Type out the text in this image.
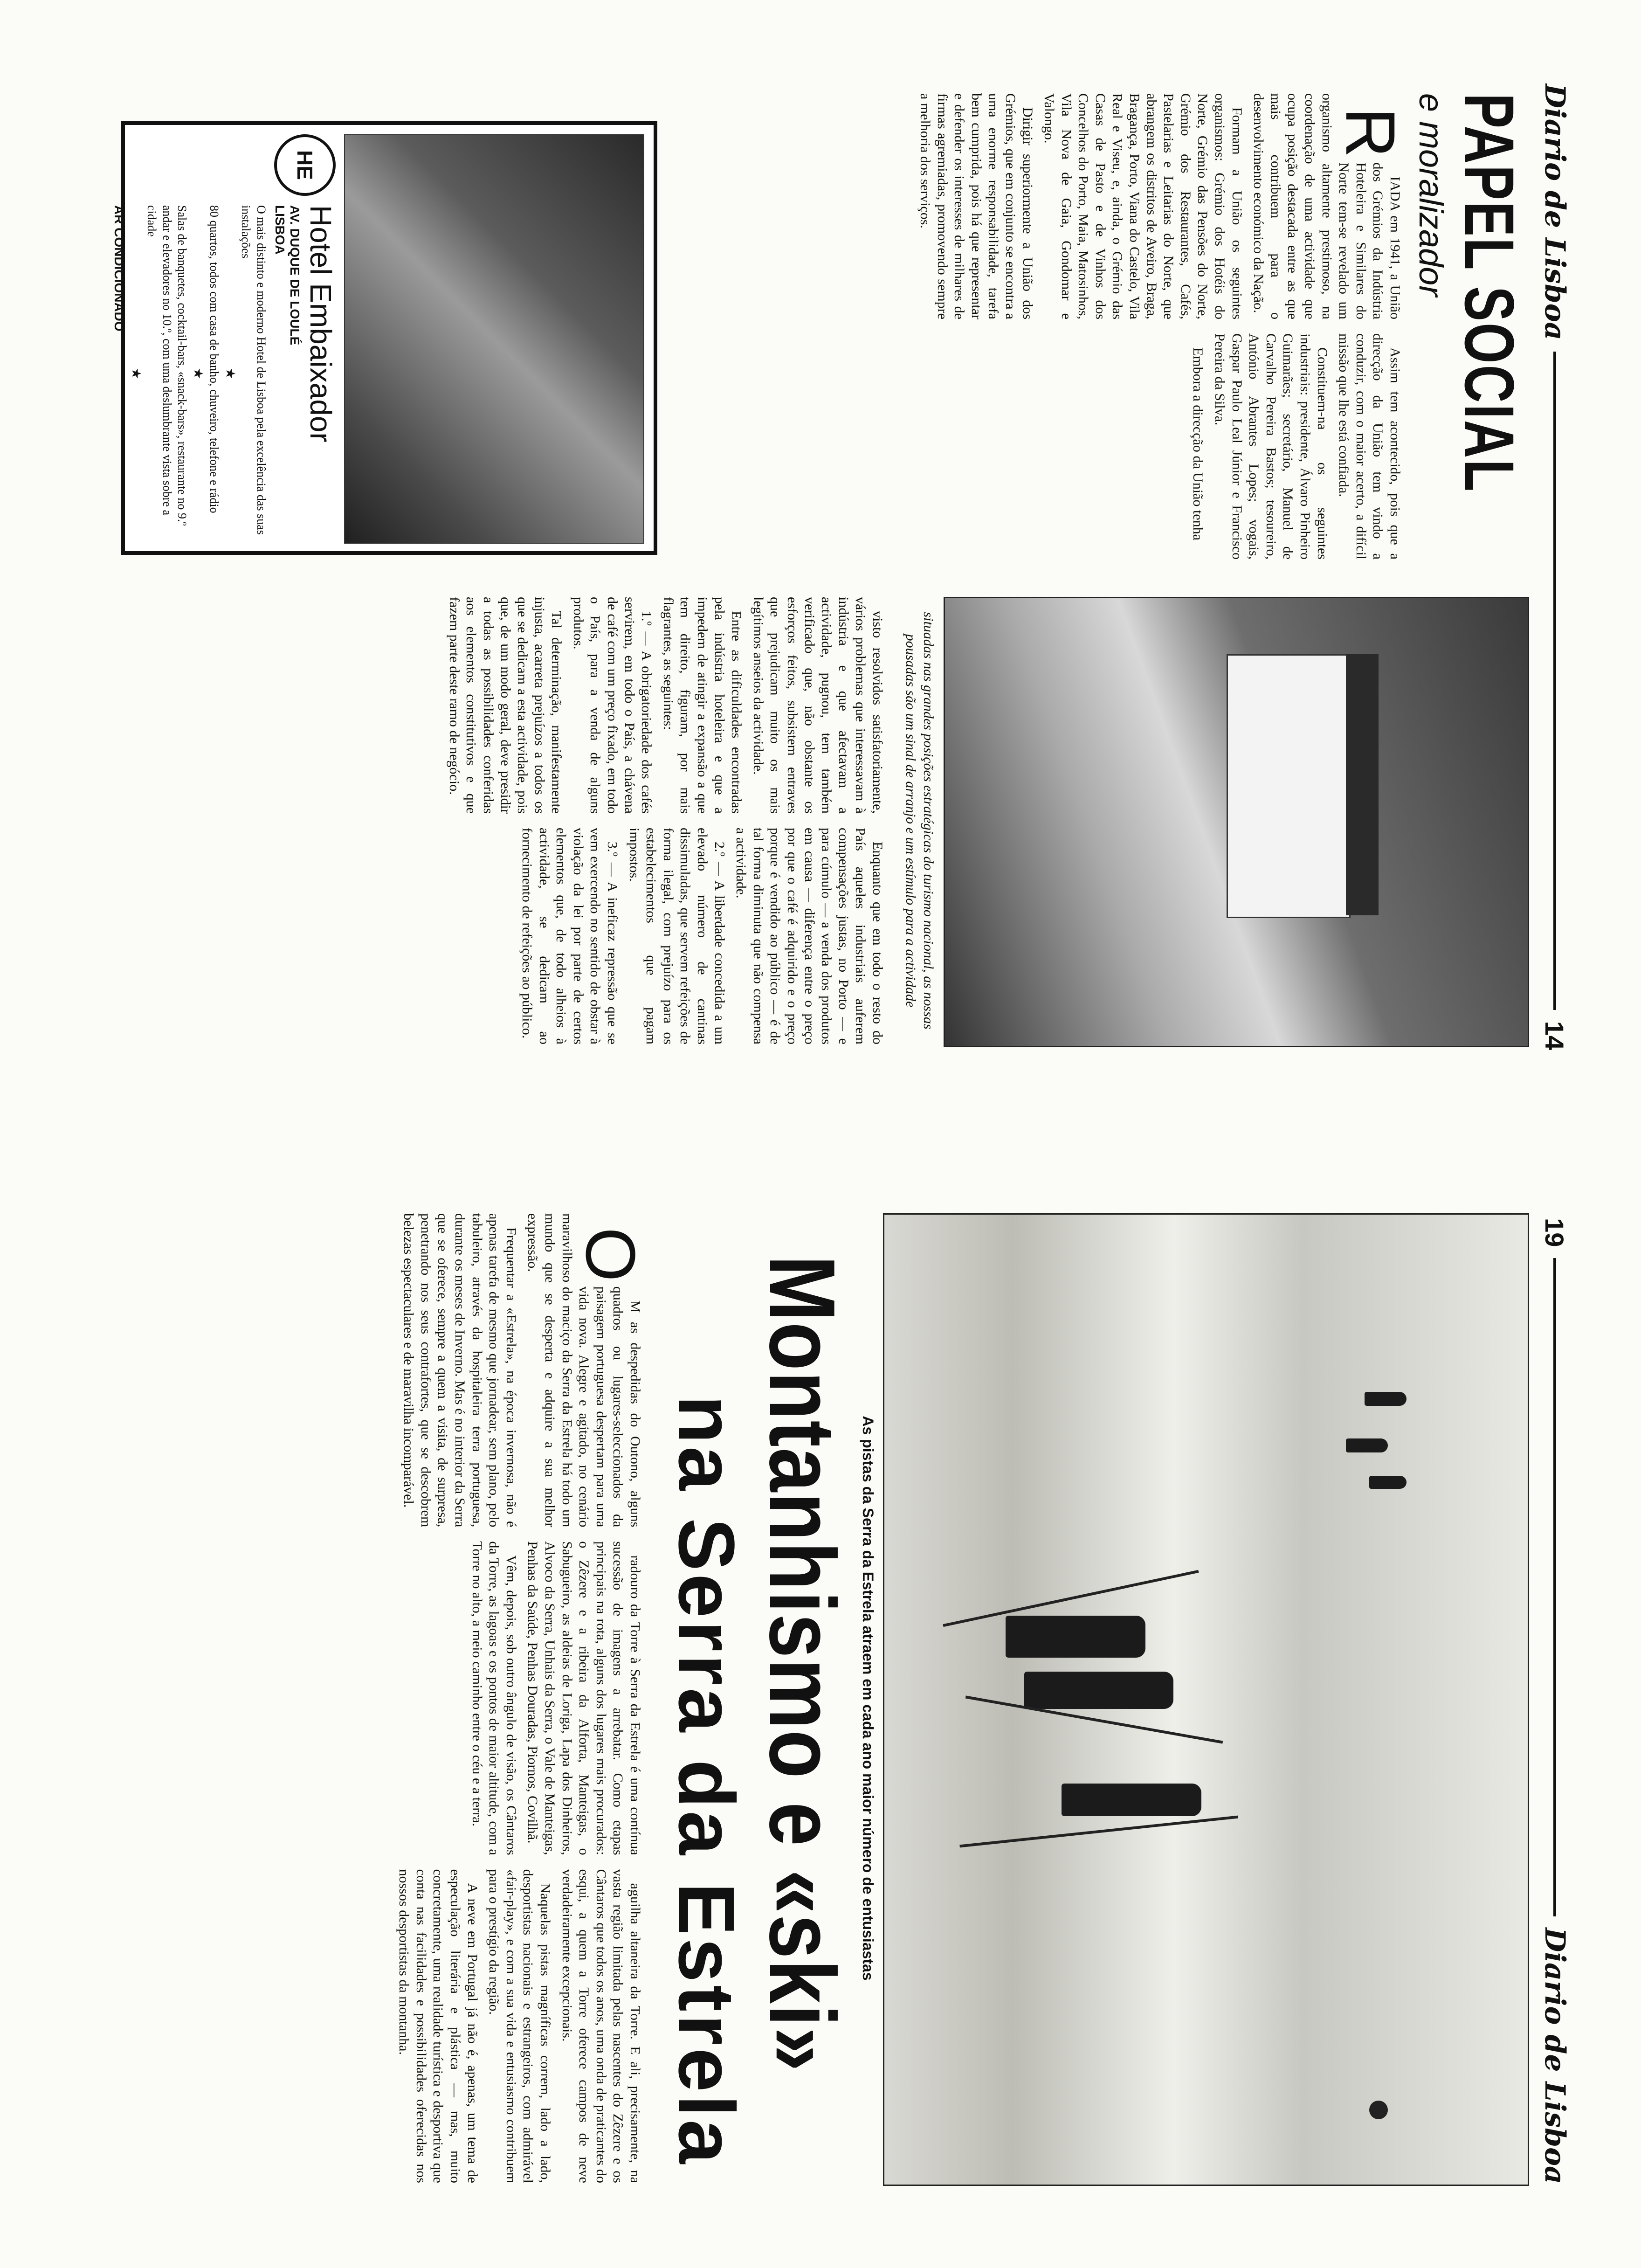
Diario de Lisboa
14
PAPEL SOCIAL
e moralizador

RIADA em 1941, a União dos Grémios da Indústria Hoteleira e Similares do Norte tem-se revelado um organismo altamente prestimoso, na coordenação de uma actividade que ocupa posição destacada entre as que mais contribuem para o desenvolvimento económico da Nação.

Formam a União os seguintes organismos: Grémio dos Hotéis do Norte, Grémio das Pensões do Norte, Grémio dos Restaurantes, Cafés, Pastelarias e Leitarias do Norte, que abrangem os distritos de Aveiro, Braga, Bragança, Porto, Viana do Castelo, Vila Real e Viseu, e, ainda, o Grémio das Casas de Pasto e de Vinhos dos Concelhos do Porto, Maia, Matosinhos, Vila Nova de Gaia, Gondomar e Valongo.

Dirigir superiormente a União dos Grémios, que em conjunto se encontra a uma enorme responsabilidade, tarefa bem cumprida, pois há que representar e defender os interesses de milhares de firmas agremiadas, promovendo sempre a melhoria dos serviços.

Assim tem acontecido, pois que a direcção da União tem vindo a conduzir, com o maior acerto, a difícil missão que lhe está confiada.

Constituem-na os seguintes industriais: presidente, Álvaro Pinheiro Guimarães; secretário, Manuel de Carvalho Pereira Bastos; tesoureiro, António Abrantes Lopes; vogais, Gaspar Paulo Leal Júnior e Francisco Pereira da Silva.

Embora a direcção da União tenha

HE
Hotel Embaixador
AV. DUQUE DE LOULÉ
LISBOA
O mais distinto e moderno Hotel de Lisboa pela excelência das suas instalações
★
80 quartos, todos com casa de banho, chuveiro, telefone e rádio
★
Salas de banquetes, cocktail-bars, «snack-bars», restaurante no 9.º andar e elevadores no 10.º, com uma deslumbrante vista sobre a cidade
★
AR CONDICIONADO
situadas nas grandes posições estratégicas do turismo nacional, as nossas pousadas são um sinal de arranjo e um estímulo para a actividade

visto resolvidos satisfatoriamente, vários problemas que interessavam à indústria e que afectavam a actividade, pugnou, tem também verificado que, não obstante os esforços feitos, subsistem entraves que prejudicam muito os mais legítimos anseios da actividade.

Entre as dificuldades encontradas pela indústria hoteleira e que a impedem de atingir a expansão a que tem direito, figuram, por mais flagrantes, as seguintes:

1.º — A obrigatoriedade dos cafés servirem, em todo o País, a chávena de café com um preço fixado, em todo o País, para a venda de alguns produtos.

Tal determinação, manifestamente injusta, acarreta prejuízos a todos os que se dedicam a esta actividade, pois que, de um modo geral, deve presidir a todas as possibilidades conferidas aos elementos constitutivos e que fazem parte deste ramo de negócio.

Enquanto que em todo o resto do País aqueles industriais auferem compensações justas, no Porto — e para cúmulo — a venda dos produtos em causa — diferença entre o preço por que o café é adquirido e o preço porque é vendido ao público — é de tal forma diminuta que não compensa a actividade.

2.º — A liberdade concedida a um elevado número de cantinas dissimuladas, que servem refeições de forma ilegal, com prejuízo para os estabelecimentos que pagam impostos.

3.º — A ineficaz repressão que se vem exercendo no sentido de obstar à violação da lei por parte de certos elementos que, de todo alheios à actividade, se dedicam ao fornecimento de refeições ao público.

19
Diario de Lisboa
As pistas da Serra da Estrela atraem em cada ano maior número de entusiastas
Montanhismo e «ski»
na Serra da Estrela

OM as despedidas do Outono, alguns quadros ou lugares-seleccionados da paisagem portuguesa despertam para uma vida nova. Alegre e agitado, no cenário maravilhoso do maciço da Serra da Estrela há todo um mundo que se desperta e adquire a sua melhor expressão.

Frequentar a «Estrela», na época invernosa, não é apenas tarefa de mesmo que jornadear, sem plano, pelo tabuleiro, através da hospitaleira terra portuguesa, durante os meses de Inverno. Mas é no interior da Serra que se oferece, sempre a quem a visita, de surpresa, penetrando nos seus contrafortes, que se descobrem belezas espectaculares e de maravilha incomparável.

radouro da Torre à Serra da Estrela é uma contínua sucessão de imagens a arrebatar. Como etapas principais na rota, alguns dos lugares mais procurados: o Zêzere e a ribeira da Alforta, Manteigas, o Sabugueiro, as aldeias de Loriga, Lapa dos Dinheiros, Alvoco da Serra, Unhais da Serra, o Vale de Manteigas, Penhas da Saúde, Penhas Douradas, Piornos, Covilhã.

Vêm, depois, sob outro ângulo de visão, os Cântaros da Torre, as lagoas e os pontos de maior altitude, com a Torre no alto, a meio caminho entre o céu e a terra.

aguilha altaneira da Torre. E ali, precisamente, na vasta região limitada pelas nascentes do Zêzere e os Cântaros que todos os anos, uma onda de praticantes do esqui, a quem a Torre oferece campos de neve verdadeiramente excepcionais.

Naquelas pistas magníficas correm, lado a lado, desportistas nacionais e estrangeiros, com admirável «fair-play», e com a sua vida e entusiasmo contribuem para o prestígio da região.

A neve em Portugal já não é, apenas, um tema de especulação literária e plástica — mas, muito concretamente, uma realidade turística e desportiva que conta nas facilidades e possibilidades oferecidas nos nossos desportistas da montanha.
